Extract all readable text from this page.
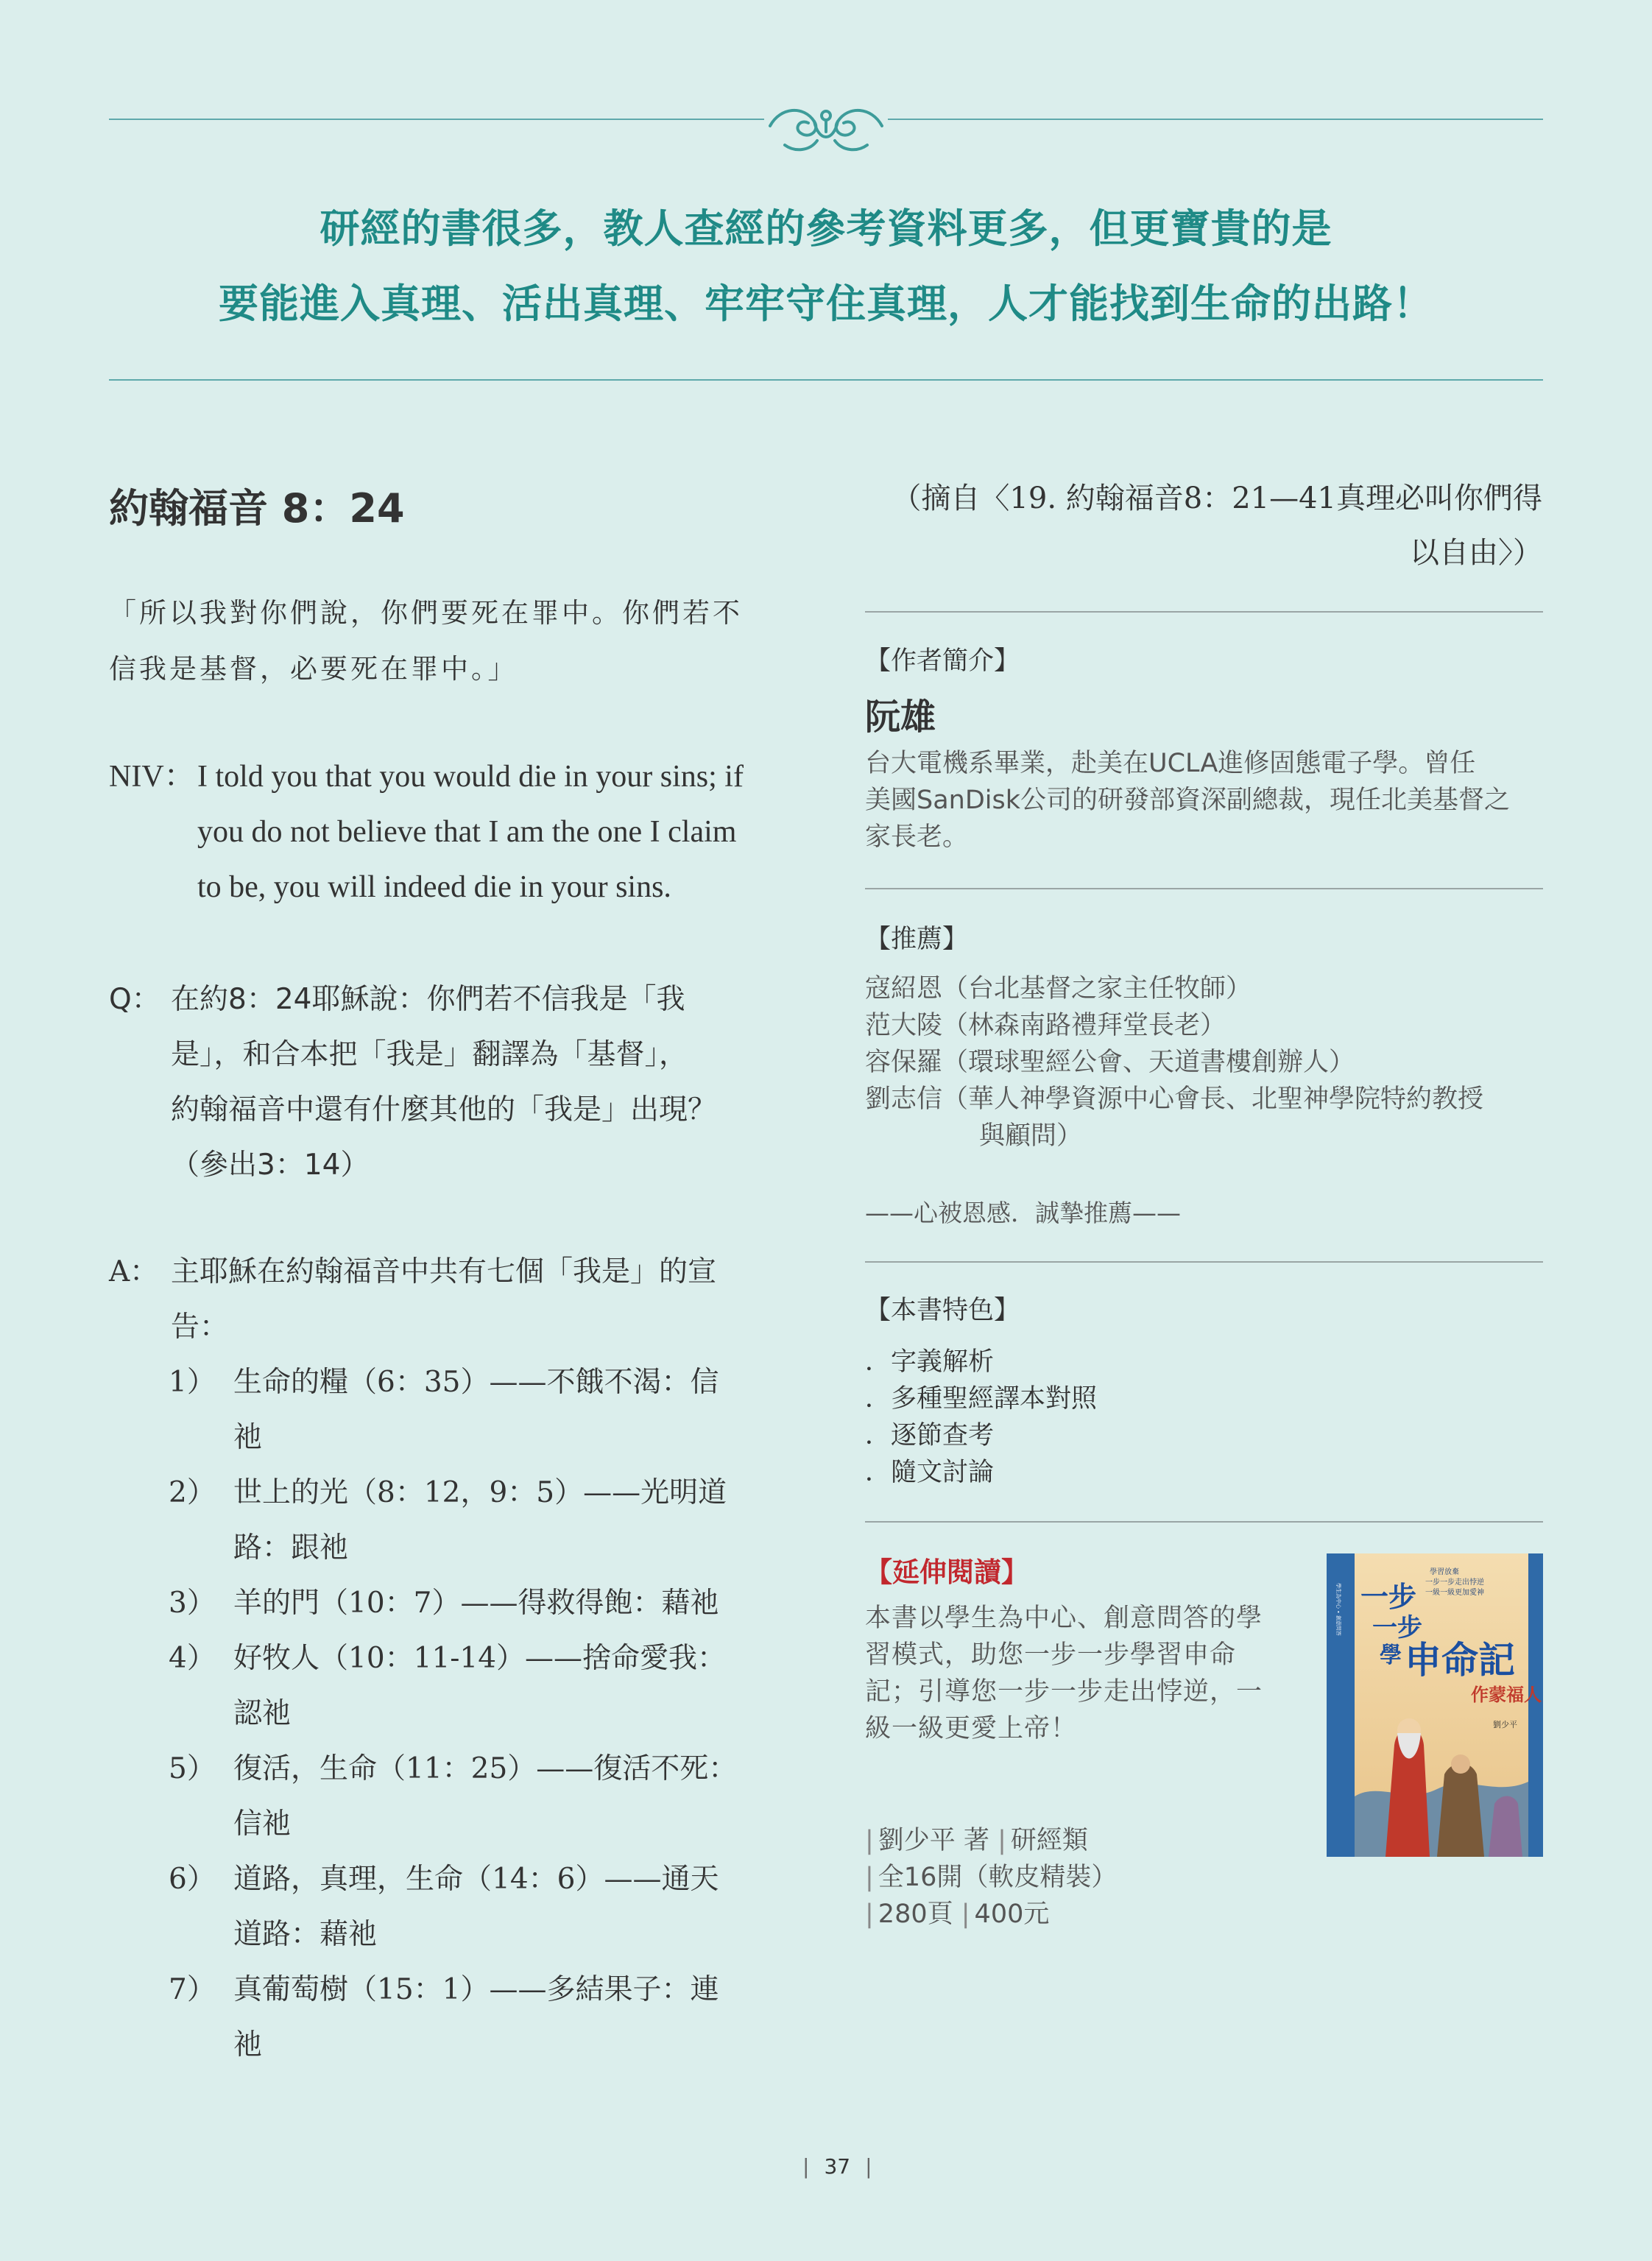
研經的書很多，教人查經的參考資料更多，但更寶貴的是
要能進入真理、活出真理、牢牢守住真理，人才能找到生命的出路！
約翰福音 8：24
「所以我對你們說，你們要死在罪中。你們若不
信我是基督，必要死在罪中。」
NIV： I told you that you would die in your sins; if
you do not believe that I am the one I claim
to be, you will indeed die in your sins.
Q： 在約8：24耶穌說：你們若不信我是「我
是」，和合本把「我是」翻譯為「基督」，
約翰福音中還有什麼其他的「我是」出現？
（參出3：14）
A： 主耶穌在約翰福音中共有七個「我是」的宣
告：
1） 生命的糧（6：35）——不餓不渴：信
祂
2） 世上的光（8：12，9：5）——光明道
路：跟祂
3） 羊的門（10：7）——得救得飽：藉祂
4） 好牧人（10：11-14）——捨命愛我：
認祂
5） 復活，生命（11：25）——復活不死：
信祂
6） 道路，真理，生命（14：6）——通天
道路：藉祂
7） 真葡萄樹（15：1）——多結果子：連
祂
（摘自〈19. 約翰福音8：21—41真理必叫你們得
以自由〉）
【作者簡介】
阮雄
台大電機系畢業，赴美在UCLA進修固態電子學。曾任
美國SanDisk公司的研發部資深副總裁，現任北美基督之
家長老。
【推薦】
寇紹恩（台北基督之家主任牧師）
范大陵（林森南路禮拜堂長老）
容保羅（環球聖經公會、天道書樓創辦人）
劉志信（華人神學資源中心會長、北聖神學院特約教授
與顧問）
——心被恩感．誠摯推薦——
【本書特色】
．字義解析
．多種聖經譯本對照
．逐節查考
．隨文討論
【延伸閱讀】
本書以學生為中心、創意問答的學
習模式，助您一步一步學習申命
記；引導您一步一步走出悖逆，一
級一級更愛上帝！
| 劉少平 著 | 研經類
| 全16開（軟皮精裝）
| 280頁 | 400元
學生為中心 ∙ 創意問答
學習放棄
一步一步走出悖逆
一級一級更加愛神
一步
一步
學 申命記
作蒙福人
劉少平
| 37 |
